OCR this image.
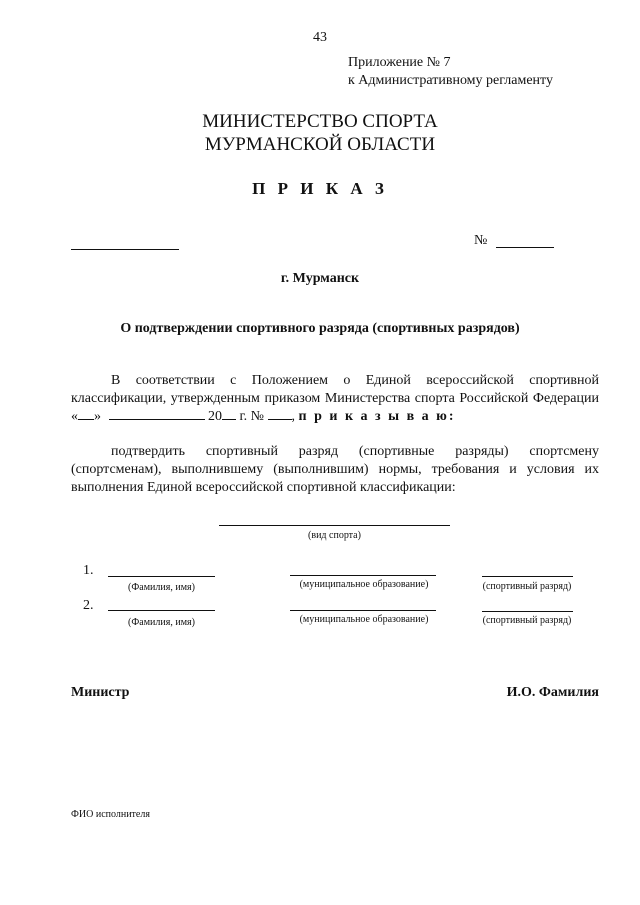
43
Приложение № 7
к Административному регламенту
МИНИСТЕРСТВО СПОРТА
МУРМАНСКОЙ ОБЛАСТИ
П Р И К А З
№
г. Мурманск
О подтверждении спортивного разряда (спортивных разрядов)
В соответствии с Положением о Единой всероссийской спортивной классификации, утвержденным приказом Министерства спорта Российской Федерации « »	20 г. № , п р и к а з ы в а ю:
подтвердить спортивный разряд (спортивные разряды) спортсмену (спортсменам), выполнившему (выполнившим) нормы, требования и условия их выполнения Единой всероссийской спортивной классификации:
(вид спорта)
1.
(Фамилия, имя)	(муниципальное образование)	(спортивный разряд)
2.
(Фамилия, имя)	(муниципальное образование)	(спортивный разряд)
Министр	И.О. Фамилия
ФИО исполнителя
